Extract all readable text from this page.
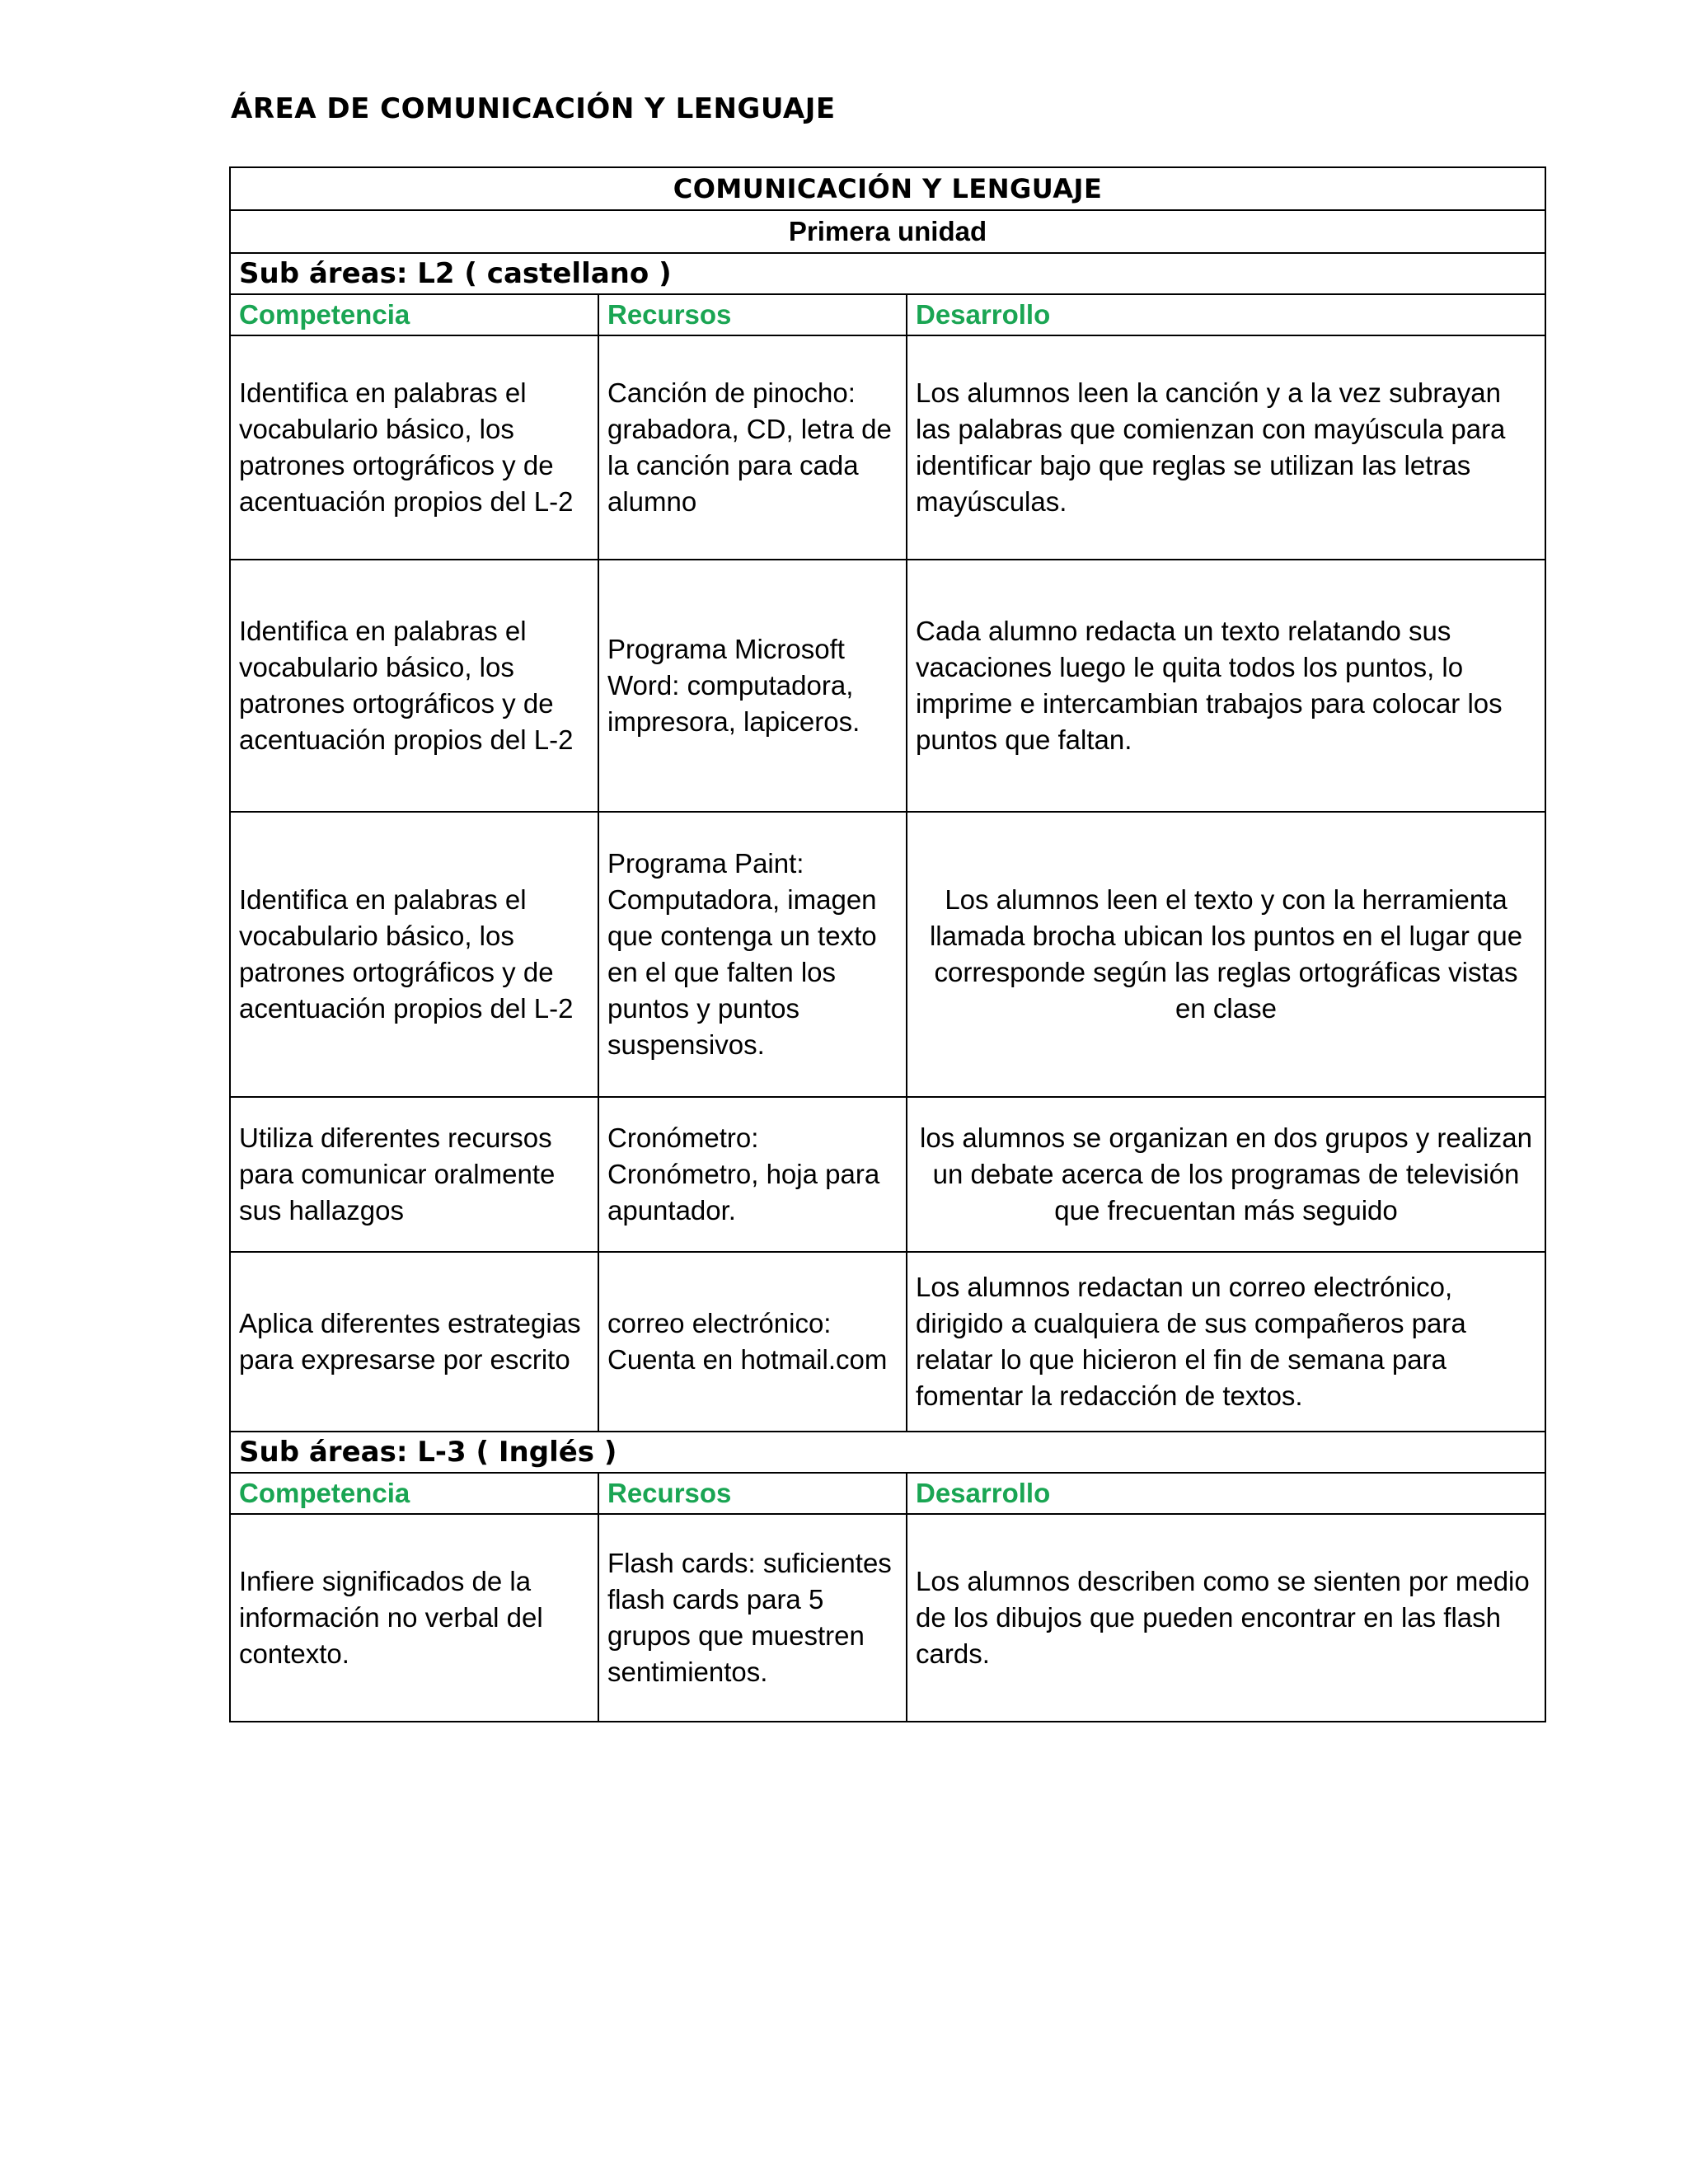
ÁREA DE COMUNICACIÓN Y LENGUAJE
COMUNICACIÓN Y LENGUAJE		
Primera unidad		
Sub áreas: L2 ( castellano )		
Competencia	Recursos	Desarrollo
Identifica en palabras el vocabulario básico, los patrones ortográficos y de acentuación propios del L-2	Canción de pinocho: grabadora, CD, letra de la canción para cada alumno	Los alumnos leen la canción y a la vez subrayan las palabras que comienzan con mayúscula para identificar bajo que reglas se utilizan las letras mayúsculas.
Identifica en palabras el vocabulario básico, los patrones ortográficos y de acentuación propios del L-2	Programa Microsoft Word: computadora, impresora, lapiceros.	Cada alumno redacta un texto relatando sus vacaciones luego le quita todos los puntos, lo imprime e intercambian trabajos para colocar los puntos que faltan.
Identifica en palabras el vocabulario básico, los patrones ortográficos y de acentuación propios del L-2	Programa Paint: Computadora, imagen que contenga un texto en el que falten los puntos y puntos suspensivos.	Los alumnos leen el texto y con la herramienta llamada brocha ubican los puntos en el lugar que corresponde según las reglas ortográficas vistas en clase
Utiliza diferentes recursos para comunicar oralmente sus hallazgos	Cronómetro: Cronómetro, hoja para apuntador.	los alumnos se organizan en dos grupos y realizan un debate acerca de los programas de televisión que frecuentan más seguido
Aplica diferentes estrategias para expresarse por escrito	correo electrónico: Cuenta en hotmail.com	Los alumnos redactan un correo electrónico, dirigido a cualquiera de sus compañeros para relatar lo que hicieron el fin de semana para fomentar la redacción de textos.
Sub áreas: L-3 ( Inglés )		
Competencia	Recursos	Desarrollo
Infiere significados de la información no verbal del contexto.	Flash cards: suficientes flash cards para 5 grupos que muestren sentimientos.	Los alumnos describen como se sienten por medio de los dibujos que pueden encontrar en las flash cards.
